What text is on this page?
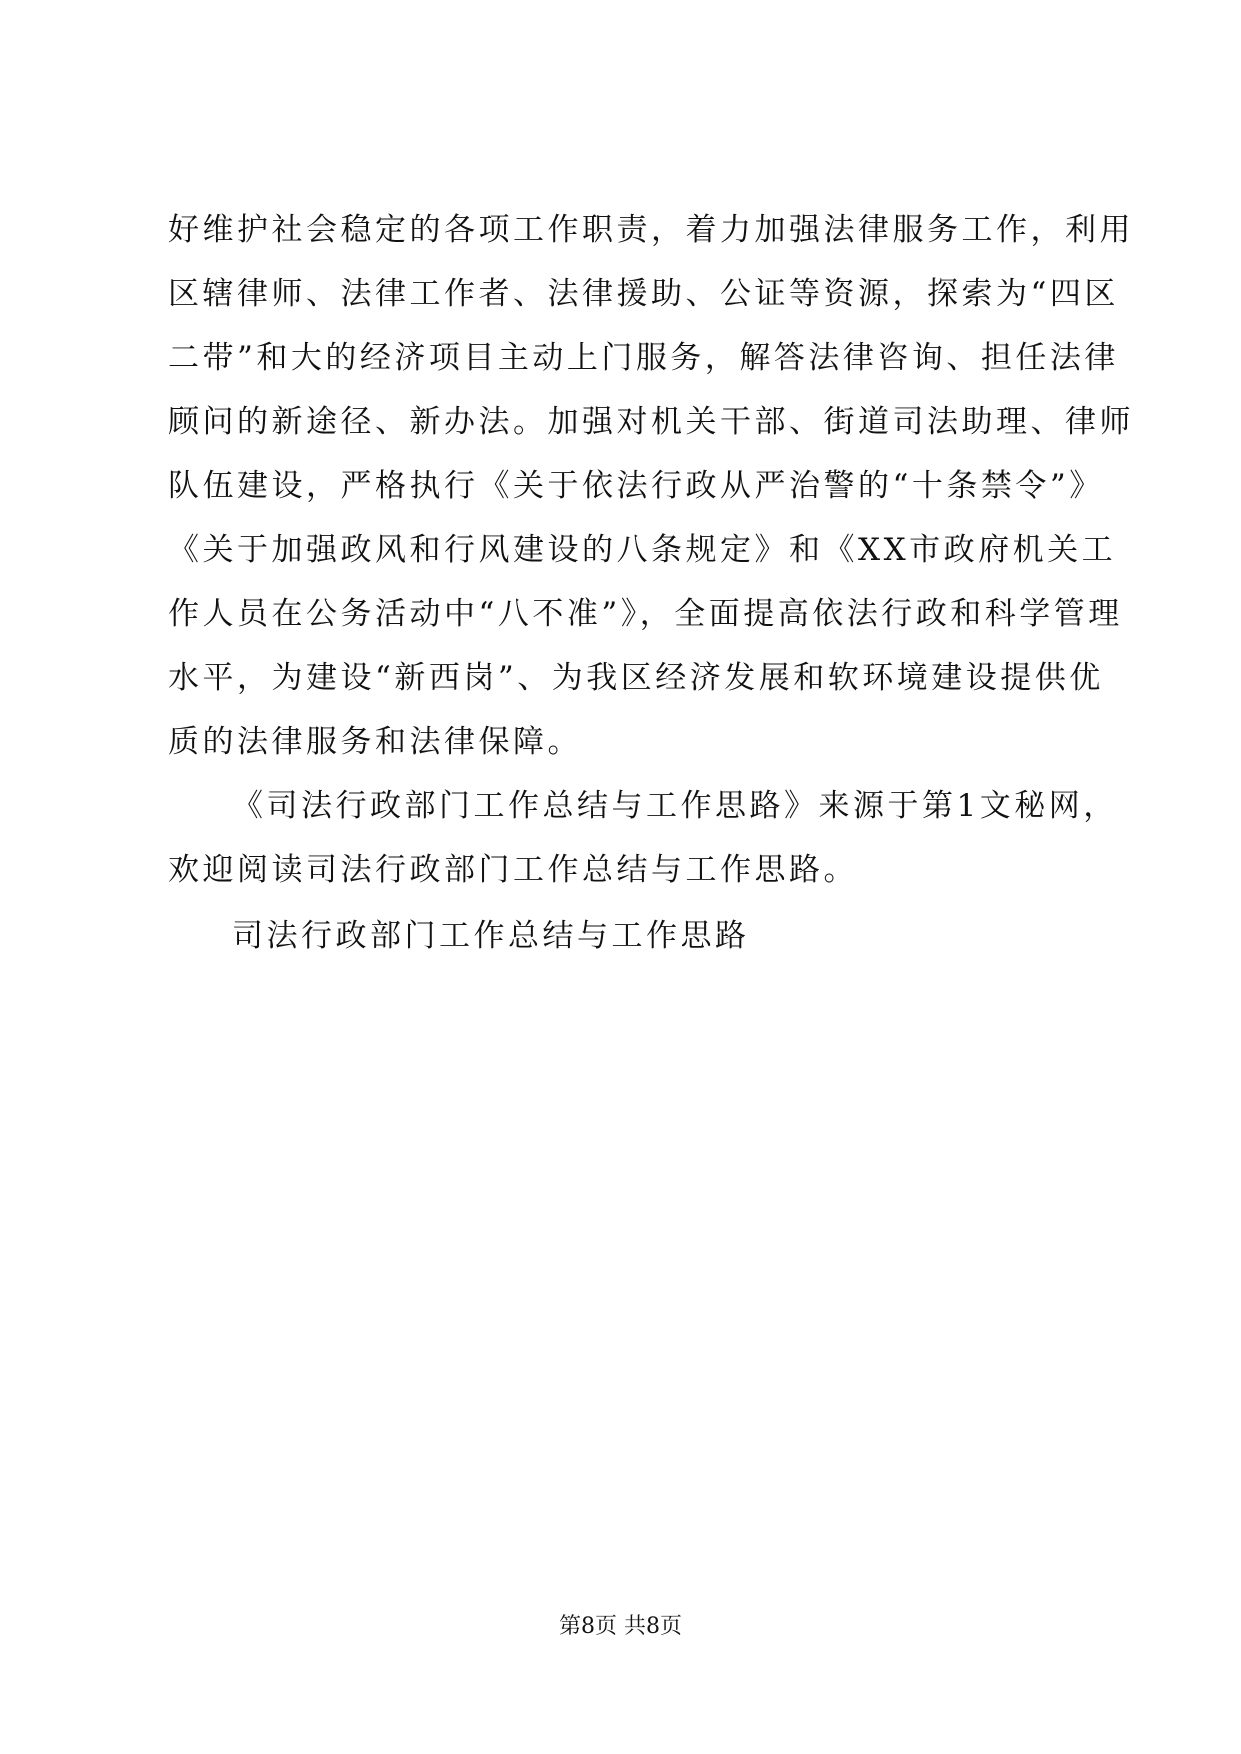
好维护社会稳定的各项工作职责，着力加强法律服务工作，利用
区辖律师、法律工作者、法律援助、公证等资源，探索为“四区
二带”和大的经济项目主动上门服务，解答法律咨询、担任法律
顾问的新途径、新办法。加强对机关干部、街道司法助理、律师
队伍建设，严格执行《关于依法行政从严治警的“十条禁令”》
《关于加强政风和行风建设的八条规定》和《XX市政府机关工
作人员在公务活动中“八不准”》，全面提高依法行政和科学管理
水平，为建设“新西岗”、为我区经济发展和软环境建设提供优
质的法律服务和法律保障。
《司法行政部门工作总结与工作思路》来源于第1文秘网，
欢迎阅读司法行政部门工作总结与工作思路。
司法行政部门工作总结与工作思路
第8页 共8页
